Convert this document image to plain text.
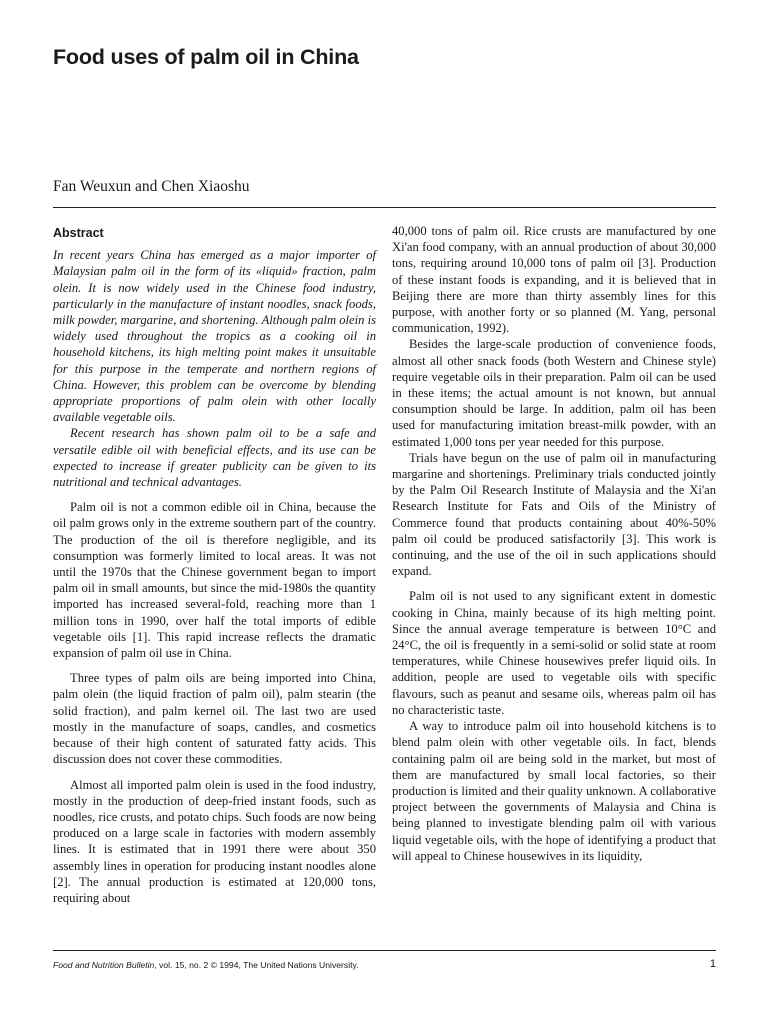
Food uses of palm oil in China
Fan Weuxun and Chen Xiaoshu
Abstract

In recent years China has emerged as a major importer of Malaysian palm oil in the form of its «liquid» fraction, palm olein. It is now widely used in the Chinese food industry, particularly in the manufacture of instant noodles, snack foods, milk powder, margarine, and shortening. Although palm olein is widely used throughout the tropics as a cooking oil in household kitchens, its high melting point makes it unsuitable for this purpose in the temperate and northern regions of China. However, this problem can be overcome by blending appropriate proportions of palm olein with other locally available vegetable oils.

Recent research has shown palm oil to be a safe and versatile edible oil with beneficial effects, and its use can be expected to increase if greater publicity can be given to its nutritional and technical advantages.

Palm oil is not a common edible oil in China, because the oil palm grows only in the extreme southern part of the country. The production of the oil is therefore negligible, and its consumption was formerly limited to local areas. It was not until the 1970s that the Chinese government began to import palm oil in small amounts, but since the mid-1980s the quantity imported has increased several-fold, reaching more than 1 million tons in 1990, over half the total imports of edible vegetable oils [1]. This rapid increase reflects the dramatic expansion of palm oil use in China.

Three types of palm oils are being imported into China, palm olein (the liquid fraction of palm oil), palm stearin (the solid fraction), and palm kernel oil. The last two are used mostly in the manufacture of soaps, candles, and cosmetics because of their high content of saturated fatty acids. This discussion does not cover these commodities.

Almost all imported palm olein is used in the food industry, mostly in the production of deep-fried instant foods, such as noodles, rice crusts, and potato chips. Such foods are now being produced on a large scale in factories with modern assembly lines. It is estimated that in 1991 there were about 350 assembly lines in operation for producing instant noodles alone [2]. The annual production is estimated at 120,000 tons, requiring about

40,000 tons of palm oil. Rice crusts are manufactured by one Xi'an food company, with an annual production of about 30,000 tons, requiring around 10,000 tons of palm oil [3]. Production of these instant foods is expanding, and it is believed that in Beijing there are more than thirty assembly lines for this purpose, with another forty or so planned (M. Yang, personal communication, 1992).

Besides the large-scale production of convenience foods, almost all other snack foods (both Western and Chinese style) require vegetable oils in their preparation. Palm oil can be used in these items; the actual amount is not known, but annual consumption should be large. In addition, palm oil has been used for manufacturing imitation breast-milk powder, with an estimated 1,000 tons per year needed for this purpose.

Trials have begun on the use of palm oil in manufacturing margarine and shortenings. Preliminary trials conducted jointly by the Palm Oil Research Institute of Malaysia and the Xi'an Research Institute for Fats and Oils of the Ministry of Commerce found that products containing about 40%-50% palm oil could be produced satisfactorily [3]. This work is continuing, and the use of the oil in such applications should expand.

Palm oil is not used to any significant extent in domestic cooking in China, mainly because of its high melting point. Since the annual average temperature is between 10°C and 24°C, the oil is frequently in a semi-solid or solid state at room temperatures, while Chinese housewives prefer liquid oils. In addition, people are used to vegetable oils with specific flavours, such as peanut and sesame oils, whereas palm oil has no characteristic taste.

A way to introduce palm oil into household kitchens is to blend palm olein with other vegetable oils. In fact, blends containing palm oil are being sold in the market, but most of them are manufactured by small local factories, so their production is limited and their quality unknown. A collaborative project between the governments of Malaysia and China is being planned to investigate blending palm oil with various liquid vegetable oils, with the hope of identifying a product that will appeal to Chinese housewives in its liquidity,

Food and Nutrition Bulletin, vol. 15, no. 2 © 1994, The United Nations University.	1
